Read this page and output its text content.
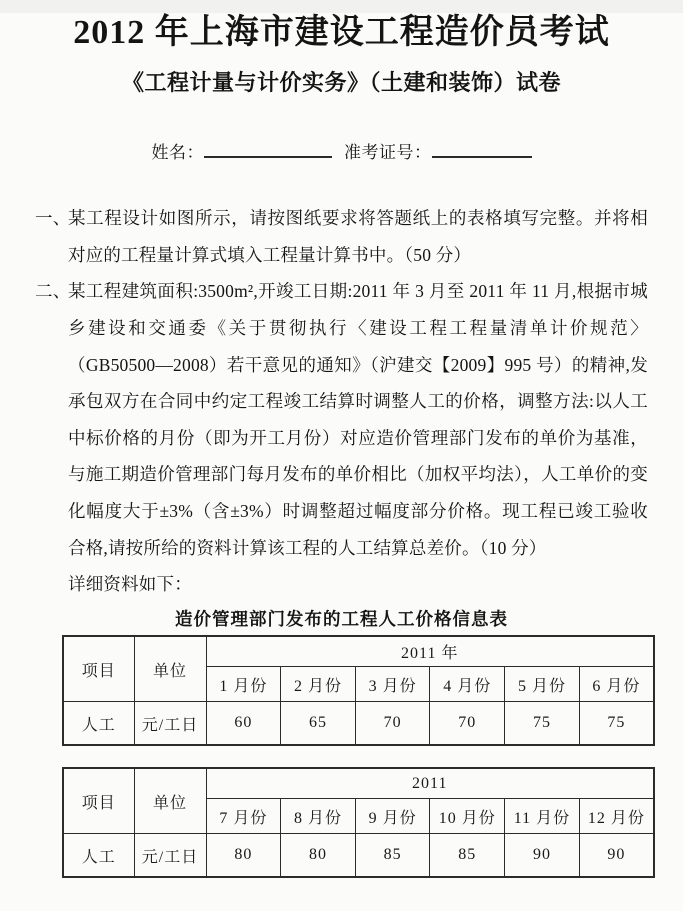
2012 年上海市建设工程造价员考试
《工程计量与计价实务》（土建和装饰）试卷
姓名：	准考证号：
一、
某工程设计如图所示，请按图纸要求将答题纸上的表格填写完整。并将相对应的工程量计算式填入工程量计算书中。（50 分）
二、
某工程建筑面积:3500m²,开竣工日期:2011 年 3 月至 2011 年 11 月,根据市城乡建设和交通委《关于贯彻执行〈建设工程工程量清单计价规范〉（GB50500—2008）若干意见的通知》（沪建交【2009】995 号）的精神,发承包双方在合同中约定工程竣工结算时调整人工的价格，调整方法:以人工中标价格的月份（即为开工月份）对应造价管理部门发布的单价为基准，与施工期造价管理部门每月发布的单价相比（加权平均法），人工单价的变化幅度大于±3%（含±3%）时调整超过幅度部分价格。现工程已竣工验收合格,请按所给的资料计算该工程的人工结算总差价。（10 分）
详细资料如下：
造价管理部门发布的工程人工价格信息表
项目	单位	2011 年					
		1 月份	2 月份	3 月份	4 月份	5 月份	6 月份
人工	元/工日	60	65	70	70	75	75
项目	单位	2011					
		7 月份	8 月份	9 月份	10 月份	11 月份	12 月份
人工	元/工日	80	80	85	85	90	90
